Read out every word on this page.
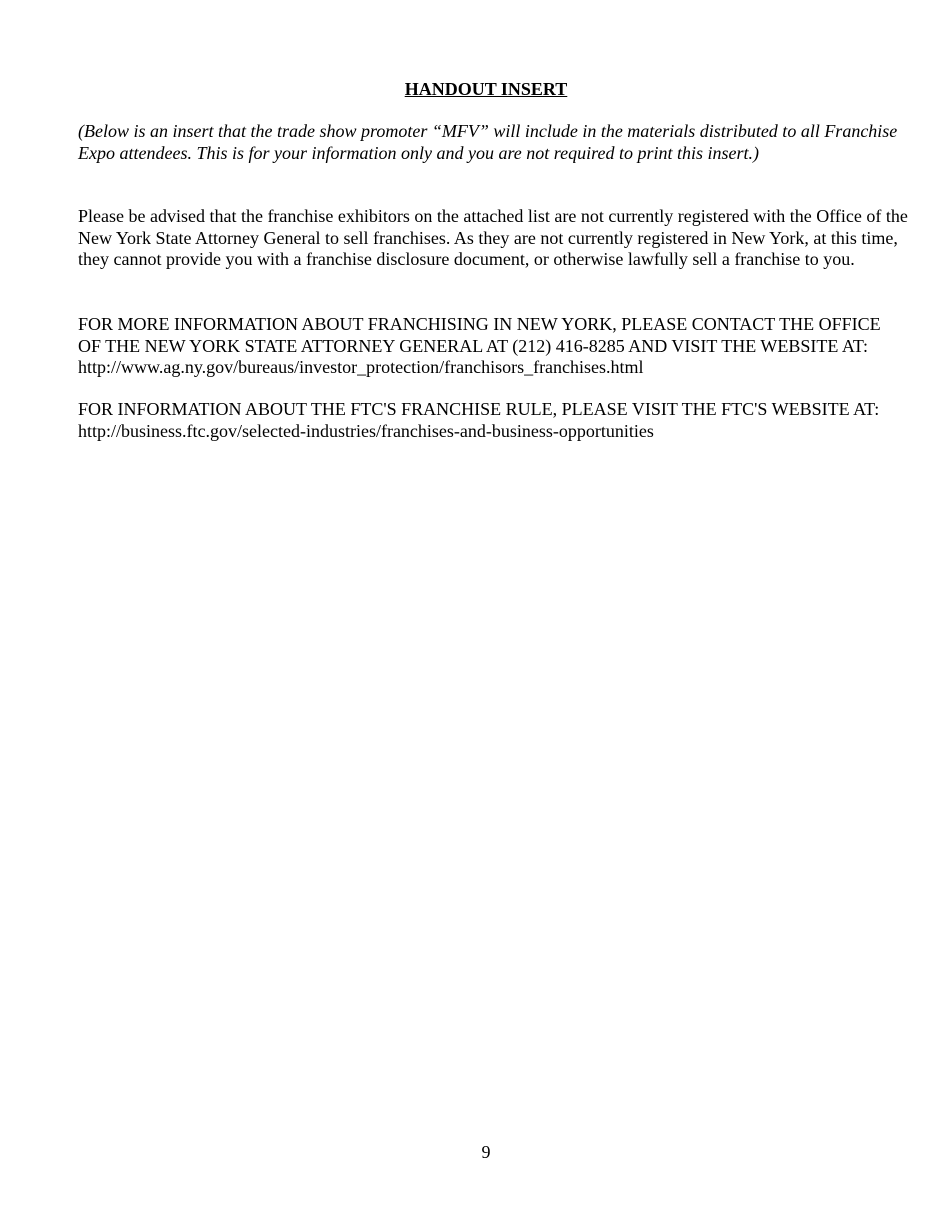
HANDOUT INSERT
(Below is an insert that the trade show promoter “MFV” will include in the materials distributed to all Franchise Expo attendees. This is for your information only and you are not required to print this insert.)
Please be advised that the franchise exhibitors on the attached list are not currently registered with the Office of the New York State Attorney General to sell franchises. As they are not currently registered in New York, at this time, they cannot provide you with a franchise disclosure document, or otherwise lawfully sell a franchise to you.
FOR MORE INFORMATION ABOUT FRANCHISING IN NEW YORK, PLEASE CONTACT THE OFFICE OF THE NEW YORK STATE ATTORNEY GENERAL AT (212) 416-8285 AND VISIT THE WEBSITE AT: http://www.ag.ny.gov/bureaus/investor_protection/franchisors_franchises.html
FOR INFORMATION ABOUT THE FTC'S FRANCHISE RULE, PLEASE VISIT THE FTC'S WEBSITE AT: http://business.ftc.gov/selected-industries/franchises-and-business-opportunities
9
